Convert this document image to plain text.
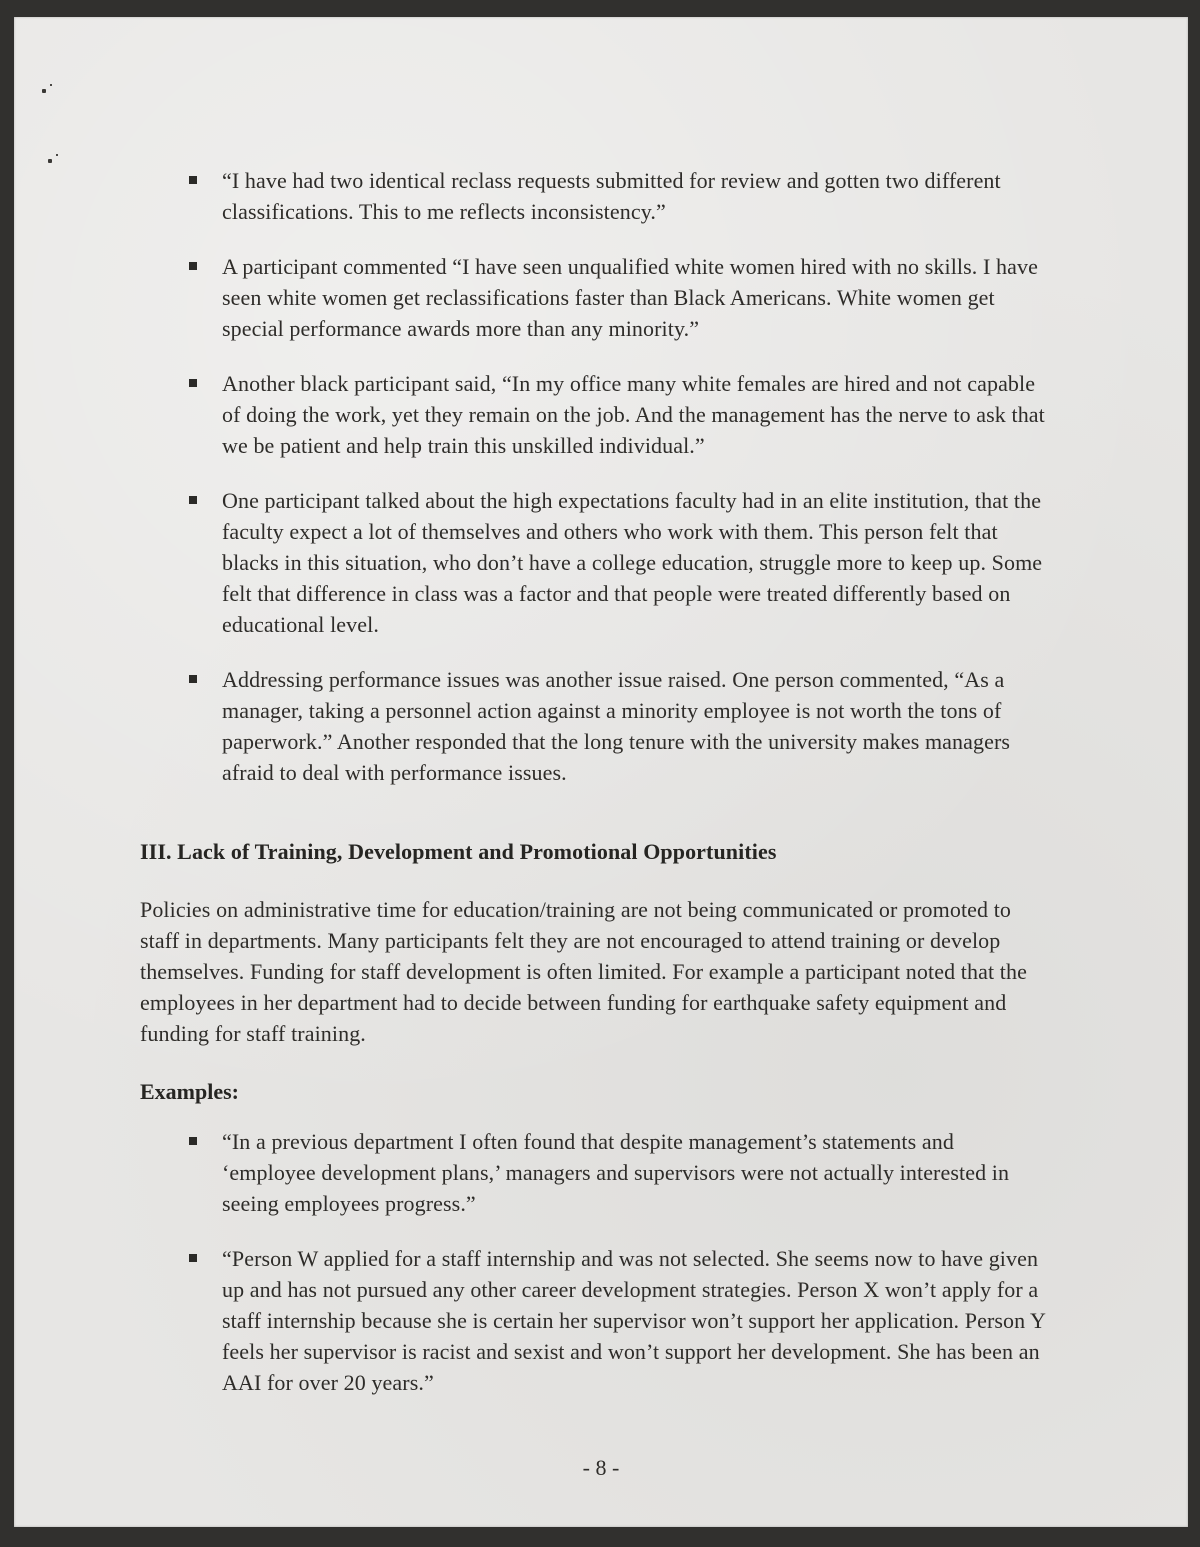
“I have had two identical reclass requests submitted for review and gotten two different classifications. This to me reflects inconsistency.”
A participant commented “I have seen unqualified white women hired with no skills. I have seen white women get reclassifications faster than Black Americans. White women get special performance awards more than any minority.”
Another black participant said, “In my office many white females are hired and not capable of doing the work, yet they remain on the job. And the management has the nerve to ask that we be patient and help train this unskilled individual.”
One participant talked about the high expectations faculty had in an elite institution, that the faculty expect a lot of themselves and others who work with them. This person felt that blacks in this situation, who don’t have a college education, struggle more to keep up. Some felt that difference in class was a factor and that people were treated differently based on educational level.
Addressing performance issues was another issue raised. One person commented, “As a manager, taking a personnel action against a minority employee is not worth the tons of paperwork.” Another responded that the long tenure with the university makes managers afraid to deal with performance issues.
III. Lack of Training, Development and Promotional Opportunities

Policies on administrative time for education/training are not being communicated or promoted to staff in departments. Many participants felt they are not encouraged to attend training or develop themselves. Funding for staff development is often limited. For example a participant noted that the employees in her department had to decide between funding for earthquake safety equipment and funding for staff training.

Examples:

“In a previous department I often found that despite management’s statements and ‘employee development plans,’ managers and supervisors were not actually interested in seeing employees progress.”
“Person W applied for a staff internship and was not selected. She seems now to have given up and has not pursued any other career development strategies. Person X won’t apply for a staff internship because she is certain her supervisor won’t support her application. Person Y feels her supervisor is racist and sexist and won’t support her development. She has been an AAI for over 20 years.”
- 8 -
